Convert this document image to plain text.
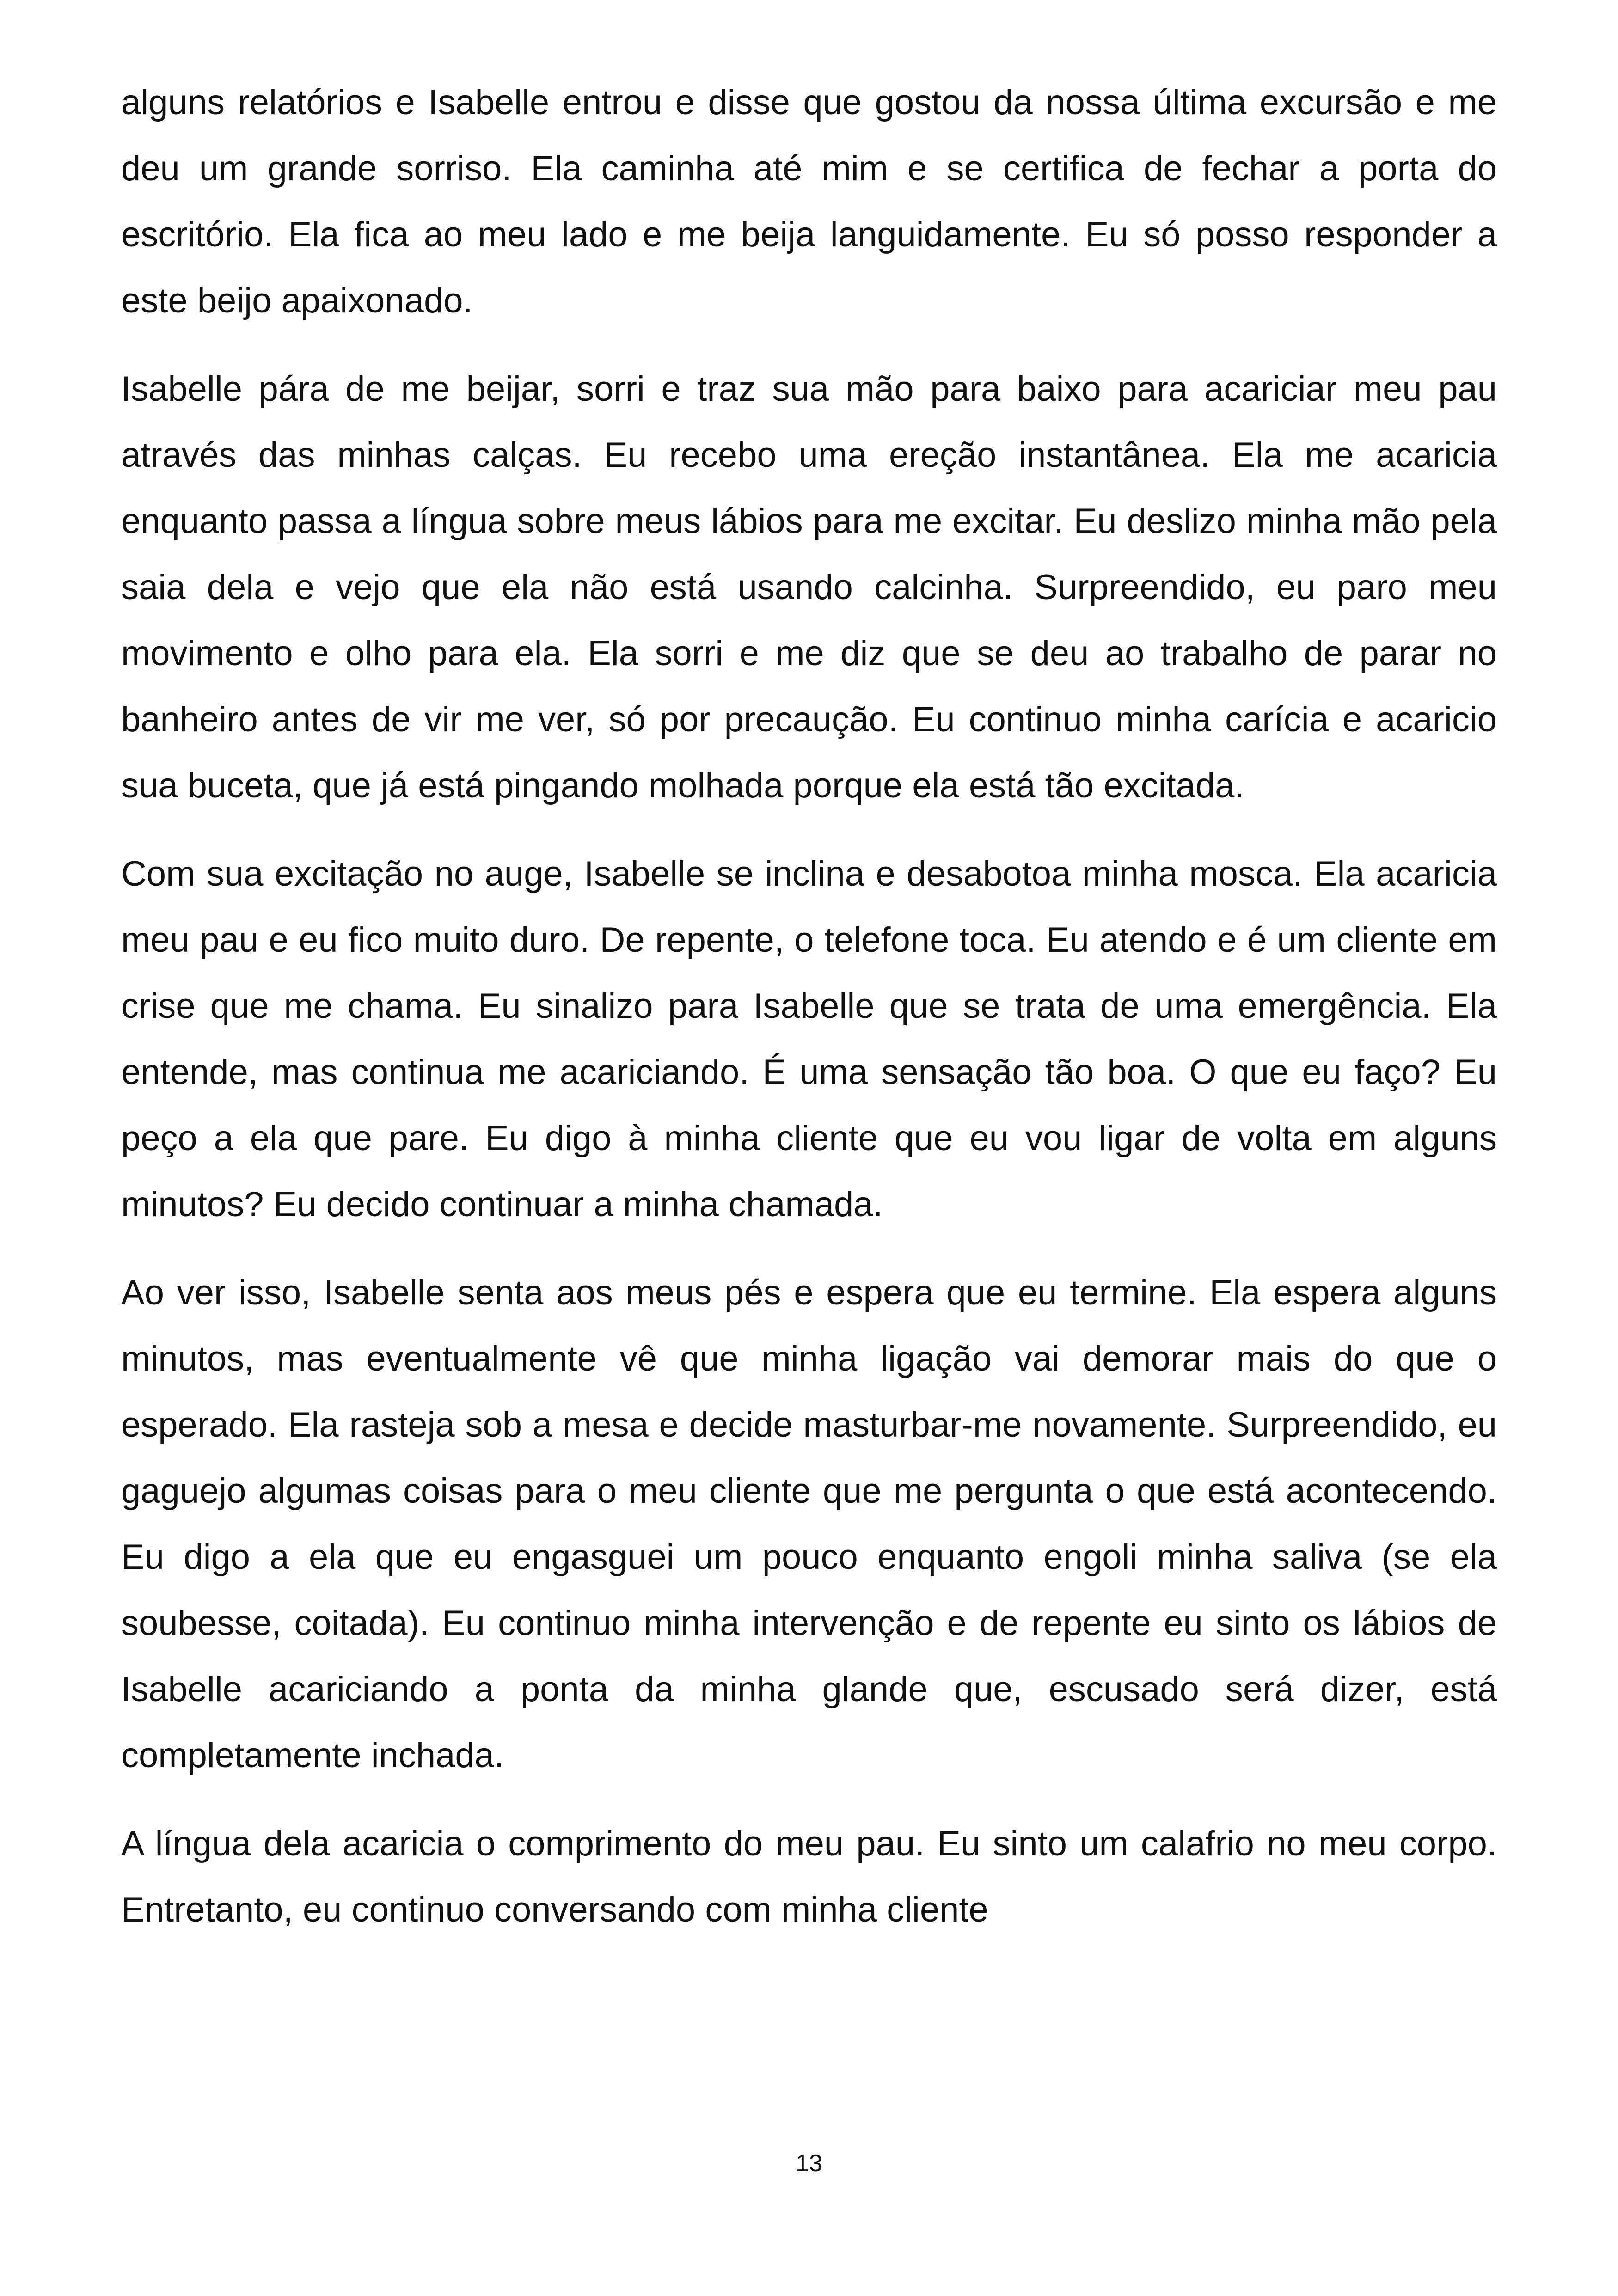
alguns relatórios e Isabelle entrou e disse que gostou da nossa última excursão e me deu um grande sorriso. Ela caminha até mim e se certifica de fechar a porta do escritório. Ela fica ao meu lado e me beija languidamente. Eu só posso responder a este beijo apaixonado.

Isabelle pára de me beijar, sorri e traz sua mão para baixo para acariciar meu pau através das minhas calças. Eu recebo uma ereção instantânea. Ela me acaricia enquanto passa a língua sobre meus lábios para me excitar. Eu deslizo minha mão pela saia dela e vejo que ela não está usando calcinha. Surpreendido, eu paro meu movimento e olho para ela. Ela sorri e me diz que se deu ao trabalho de parar no banheiro antes de vir me ver, só por precaução. Eu continuo minha carícia e acaricio sua buceta, que já está pingando molhada porque ela está tão excitada.

Com sua excitação no auge, Isabelle se inclina e desabotoa minha mosca. Ela acaricia meu pau e eu fico muito duro. De repente, o telefone toca. Eu atendo e é um cliente em crise que me chama. Eu sinalizo para Isabelle que se trata de uma emergência. Ela entende, mas continua me acariciando. É uma sensação tão boa. O que eu faço? Eu peço a ela que pare. Eu digo à minha cliente que eu vou ligar de volta em alguns minutos? Eu decido continuar a minha chamada.

Ao ver isso, Isabelle senta aos meus pés e espera que eu termine. Ela espera alguns minutos, mas eventualmente vê que minha ligação vai demorar mais do que o esperado. Ela rasteja sob a mesa e decide masturbar-me novamente. Surpreendido, eu gaguejo algumas coisas para o meu cliente que me pergunta o que está acontecendo. Eu digo a ela que eu engasguei um pouco enquanto engoli minha saliva (se ela soubesse, coitada). Eu continuo minha intervenção e de repente eu sinto os lábios de Isabelle acariciando a ponta da minha glande que, escusado será dizer, está completamente inchada.

A língua dela acaricia o comprimento do meu pau. Eu sinto um calafrio no meu corpo. Entretanto, eu continuo conversando com minha cliente

13
